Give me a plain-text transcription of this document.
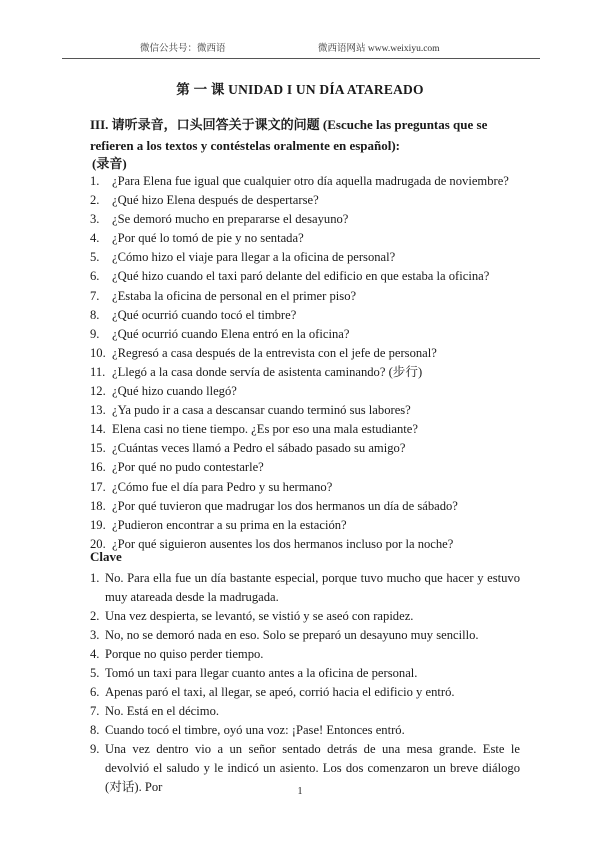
微信公共号：微西语	微西语网站 www.weixiyu.com
第 一 课 UNIDAD I UN DÍA ATAREADO
III. 请听录音，口头回答关于课文的问题 (Escuche las preguntas que se refieren a los textos y contéstelas oralmente en español):
(录音)
1. ¿Para Elena fue igual que cualquier otro día aquella madrugada de noviembre?
2. ¿Qué hizo Elena después de despertarse?
3. ¿Se demoró mucho en prepararse el desayuno?
4. ¿Por qué lo tomó de pie y no sentada?
5. ¿Cómo hizo el viaje para llegar a la oficina de personal?
6. ¿Qué hizo cuando el taxi paró delante del edificio en que estaba la oficina?
7. ¿Estaba la oficina de personal en el primer piso?
8. ¿Qué ocurrió cuando tocó el timbre?
9. ¿Qué ocurrió cuando Elena entró en la oficina?
10. ¿Regresó a casa después de la entrevista con el jefe de personal?
11. ¿Llegó a la casa donde servía de asistenta caminando? (步行)
12. ¿Qué hizo cuando llegó?
13. ¿Ya pudo ir a casa a descansar cuando terminó sus labores?
14. Elena casi no tiene tiempo. ¿Es por eso una mala estudiante?
15. ¿Cuántas veces llamó a Pedro el sábado pasado su amigo?
16. ¿Por qué no pudo contestarle?
17. ¿Cómo fue el día para Pedro y su hermano?
18. ¿Por qué tuvieron que madrugar los dos hermanos un día de sábado?
19. ¿Pudieron encontrar a su prima en la estación?
20. ¿Por qué siguieron ausentes los dos hermanos incluso por la noche?
Clave
1. No. Para ella fue un día bastante especial, porque tuvo mucho que hacer y estuvo muy atareada desde la madrugada.
2. Una vez despierta, se levantó, se vistió y se aseó con rapidez.
3. No, no se demoró nada en eso. Solo se preparó un desayuno muy sencillo.
4. Porque no quiso perder tiempo.
5. Tomó un taxi para llegar cuanto antes a la oficina de personal.
6. Apenas paró el taxi, al llegar, se apeó, corrió hacia el edificio y entró.
7. No. Está en el décimo.
8. Cuando tocó el timbre, oyó una voz: ¡Pase! Entonces entró.
9. Una vez dentro vio a un señor sentado detrás de una mesa grande. Este le devolvió el saludo y le indicó un asiento. Los dos comenzaron un breve diálogo (对话). Por	1
